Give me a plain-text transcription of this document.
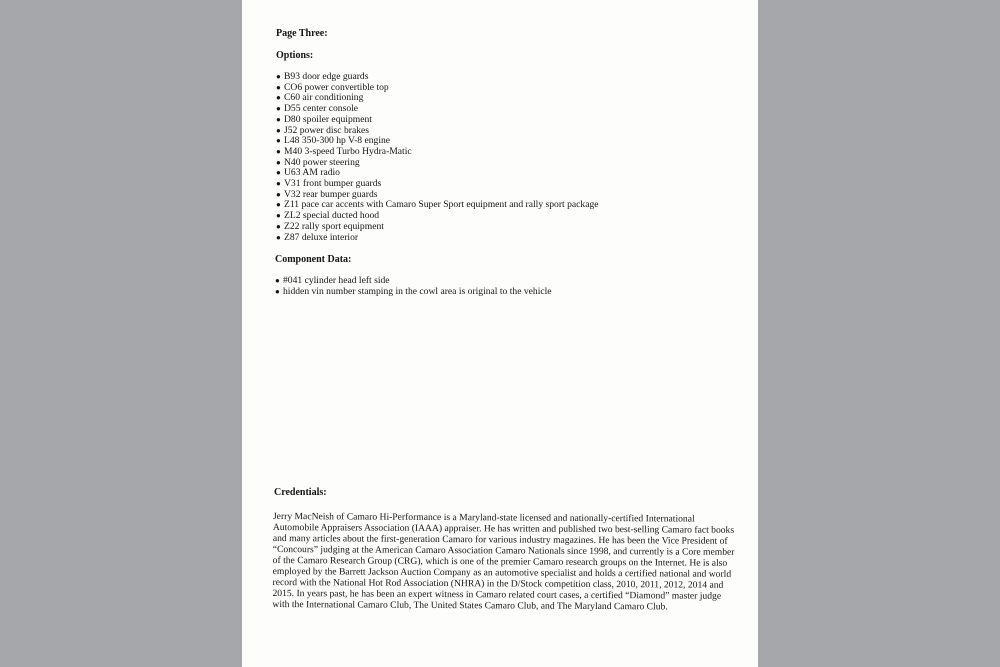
Page Three:
Options:
● B93 door edge guards
● CO6 power convertible top
● C60 air conditioning
● D55 center console
● D80 spoiler equipment
● J52 power disc brakes
● L48 350-300 hp V-8 engine
● M40 3-speed Turbo Hydra-Matic
● N40 power steering
● U63 AM radio
● V31 front bumper guards
● V32 rear bumper guards
● Z11 pace car accents with Camaro Super Sport equipment and rally sport package
● ZL2 special ducted hood
● Z22 rally sport equipment
● Z87 deluxe interior
Component Data:
● #041 cylinder head left side
● hidden vin number stamping in the cowl area is original to the vehicle
Credentials:

Jerry MacNeish of Camaro Hi-Performance is a Maryland-state licensed and nationally-certified International Automobile Appraisers Association (IAAA) appraiser. He has written and published two best-selling Camaro fact books and many articles about the first-generation Camaro for various industry magazines. He has been the Vice President of “Concours” judging at the American Camaro Association Camaro Nationals since 1998, and currently is a Core member of the Camaro Research Group (CRG), which is one of the premier Camaro research groups on the Internet. He is also employed by the Barrett Jackson Auction Company as an automotive specialist and holds a certified national and world record with the National Hot Rod Association (NHRA) in the D/Stock competition class, 2010, 2011, 2012, 2014 and 2015. In years past, he has been an expert witness in Camaro related court cases, a certified “Diamond” master judge with the International Camaro Club, The United States Camaro Club, and The Maryland Camaro Club.
